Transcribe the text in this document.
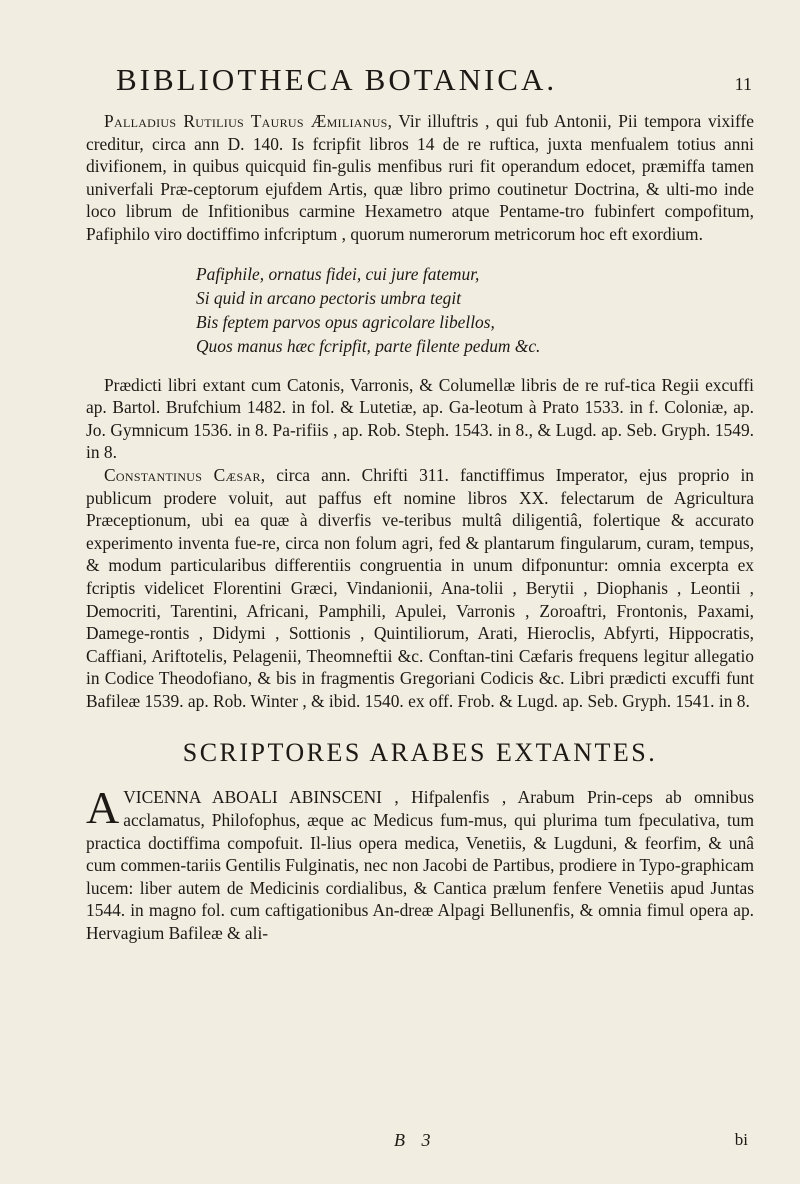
BIBLIOTHECA BOTANICA.	11

Palladius Rutilius Taurus Æmilianus, Vir illuftris , qui fub Antonii, Pii tempora vixiffe creditur, circa ann D. 140. Is fcripfit libros 14 de re ruftica, juxta menfualem totius anni divifionem, in quibus quicquid fin-gulis menfibus ruri fit operandum edocet, præmiffa tamen univerfali Præ-ceptorum ejufdem Artis, quæ libro primo coutinetur Doctrina, & ulti-mo inde loco librum de Infitionibus carmine Hexametro atque Pentame-tro fubinfert compofitum, Pafiphilo viro doctiffimo infcriptum , quorum numerorum metricorum hoc eft exordium.

Pafiphile, ornatus fidei, cui jure fatemur,
Si quid in arcano pectoris umbra tegit
Bis feptem parvos opus agricolare libellos,
Quos manus hæc fcripfit, parte filente pedum &c.

Prædicti libri extant cum Catonis, Varronis, & Columellæ libris de re ruf-tica Regii excuffi ap. Bartol. Brufchium 1482. in fol. & Lutetiæ, ap. Ga-leotum à Prato 1533. in f. Coloniæ, ap. Jo. Gymnicum 1536. in 8. Pa-rifiis , ap. Rob. Steph. 1543. in 8., & Lugd. ap. Seb. Gryph. 1549. in 8.

Constantinus Cæsar, circa ann. Chrifti 311. fanctiffimus Imperator, ejus proprio in publicum prodere voluit, aut paffus eft nomine libros XX. felectarum de Agricultura Præceptionum, ubi ea quæ à diverfis ve-teribus multâ diligentiâ, folertique & accurato experimento inventa fue-re, circa non folum agri, fed & plantarum fingularum, curam, tempus, & modum particularibus differentiis congruentia in unum difponuntur: omnia excerpta ex fcriptis videlicet Florentini Græci, Vindanionii, Ana-tolii , Berytii , Diophanis , Leontii , Democriti, Tarentini, Africani, Pamphili, Apulei, Varronis , Zoroaftri, Frontonis, Paxami, Damege-rontis , Didymi , Sottionis , Quintiliorum, Arati, Hieroclis, Abfyrti, Hippocratis, Caffiani, Ariftotelis, Pelagenii, Theomneftii &c. Conftan-tini Cæfaris frequens legitur allegatio in Codice Theodofiano, & bis in fragmentis Gregoriani Codicis &c. Libri prædicti excuffi funt Bafileæ 1539. ap. Rob. Winter , & ibid. 1540. ex off. Frob. & Lugd. ap. Seb. Gryph. 1541. in 8.

SCRIPTORES ARABES EXTANTES.

AVICENNA ABOALI ABINSCENI , Hifpalenfis , Arabum Prin-ceps ab omnibus acclamatus, Philofophus, æque ac Medicus fum-mus, qui plurima tum fpeculativa, tum practica doctiffima compofuit. Il-lius opera medica, Venetiis, & Lugduni, & feorfim, & unâ cum commen-tariis Gentilis Fulginatis, nec non Jacobi de Partibus, prodiere in Typo-graphicam lucem: liber autem de Medicinis cordialibus, & Cantica prælum fenfere Venetiis apud Juntas 1544. in magno fol. cum caftigationibus An-dreæ Alpagi Bellunenfis, & omnia fimul opera ap. Hervagium Bafileæ & ali-

B 3	bi
